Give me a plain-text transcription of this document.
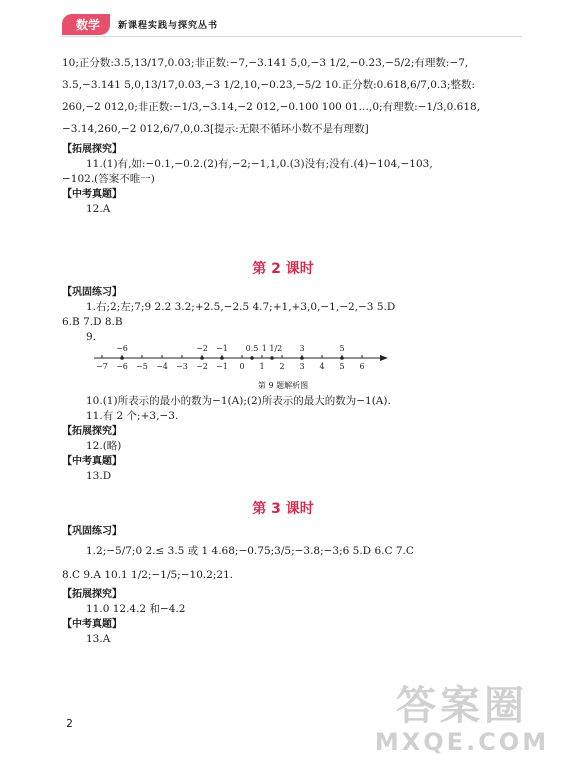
数学	新课程实践与探究丛书
10;正分数:3.5,13/17,0.03;非正数:−7,−3.141 5,0,−3 1/2,−0.2̇3̇,−5/2;有理数:−7,
3.5,−3.141 5,0,13/17,0.03,−3 1/2,10,−0.2̇3̇,−5/2 10.正分数:0.618,6/7,0.3̇;整数:
260,−2 012,0;非正数:−1/3,−3.14,−2 012,−0.100 100 01…,0;有理数:−1/3,0.618,
−3.14,260,−2 012,6/7,0,0.3̇[提示:无限不循环小数不是有理数]
【拓展探究】
11.(1)有,如:−0.1,−0.2.(2)有,−2;−1,1,0.(3)没有;没有.(4)−104,−103,
−102.(答案不唯一)
【中考真题】
12.A
第 2 课时
【巩固练习】
1.右;2;左;7;9 2.2 3.2;+2.5,−2.5 4.7;+1,+3,0,−1,−2,−3 5.D
6.B 7.D 8.B
9.
−7 −6 −5 −4 −3 −2 −1 0 1 2 3 4 5 6
−6	−2 −1 0.5 1 1/2 3	5
第 9 题解析图
10.(1)所表示的最小的数为−1(A);(2)所表示的最大的数为−1(A).
11.有 2 个;+3,−3.
【拓展探究】
12.(略)
【中考真题】
13.D
第 3 课时
【巩固练习】
1.2;−5/7;0 2.≤ 3.5 或 1 4.68;−0.75;3/5;−3.8;−3;6 5.D 6.C 7.C
8.C 9.A 10.1 1/2;−1/5;−10.2;21.
【拓展探究】
11.0 12.4.2 和−4.2
【中考真题】
13.A
2	答案圈
MXQE.COM
